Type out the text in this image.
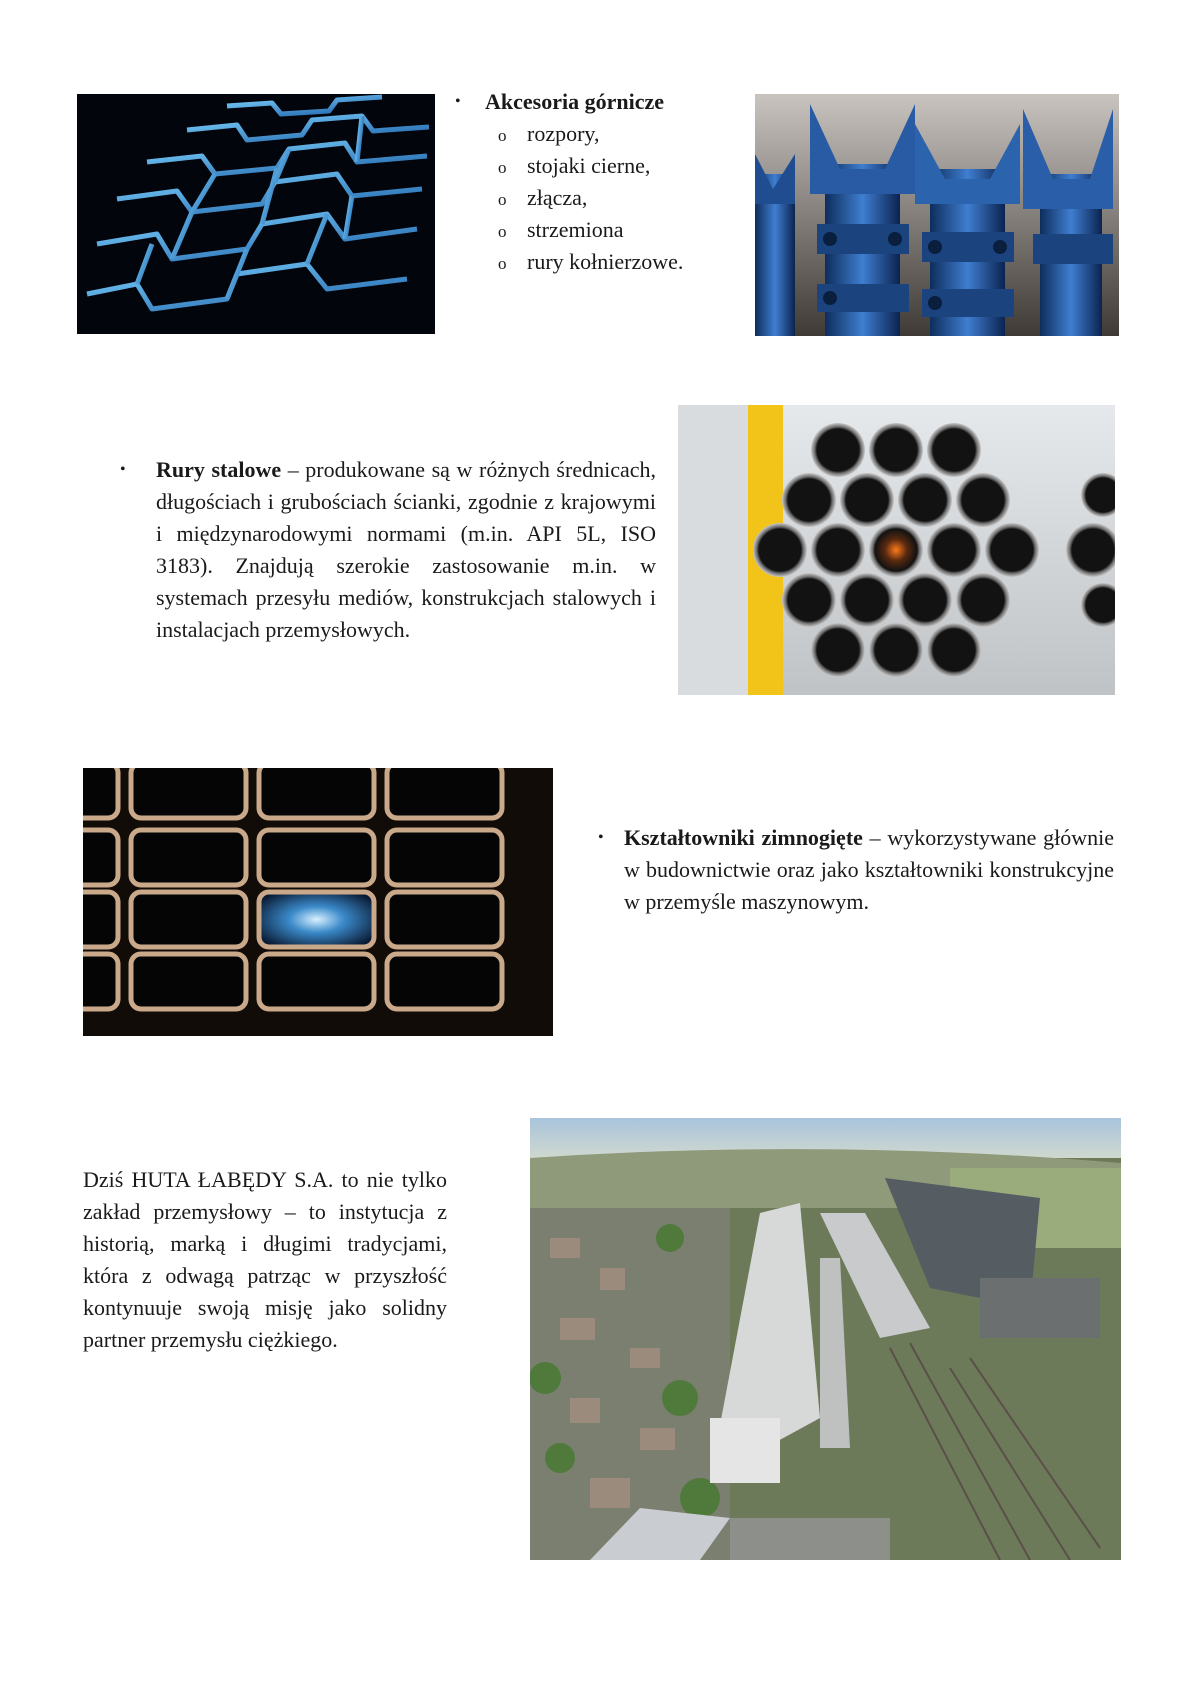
• Akcesoria górnicze
o rozpory,
o stojaki cierne,
o złącza,
o strzemiona
o rury kołnierzowe.
•	Rury stalowe – produkowane są w różnych średnicach, długościach i grubościach ścianki, zgodnie z krajowymi i międzynarodowymi normami (m.in. API 5L, ISO 3183). Znajdują szerokie zastosowanie m.in. w systemach przesyłu mediów, konstrukcjach stalowych i instalacjach przemysłowych.
• Kształtowniki zimnogięte – wykorzystywane głównie w budownictwie oraz jako kształtowniki konstrukcyjne w przemyśle maszynowym.
Dziś HUTA ŁABĘDY S.A. to nie tylko zakład przemysłowy – to instytucja z historią, marką i długimi tradycjami, która z odwagą patrząc w przyszłość kontynuuje swoją misję jako solidny partner przemysłu ciężkiego.
